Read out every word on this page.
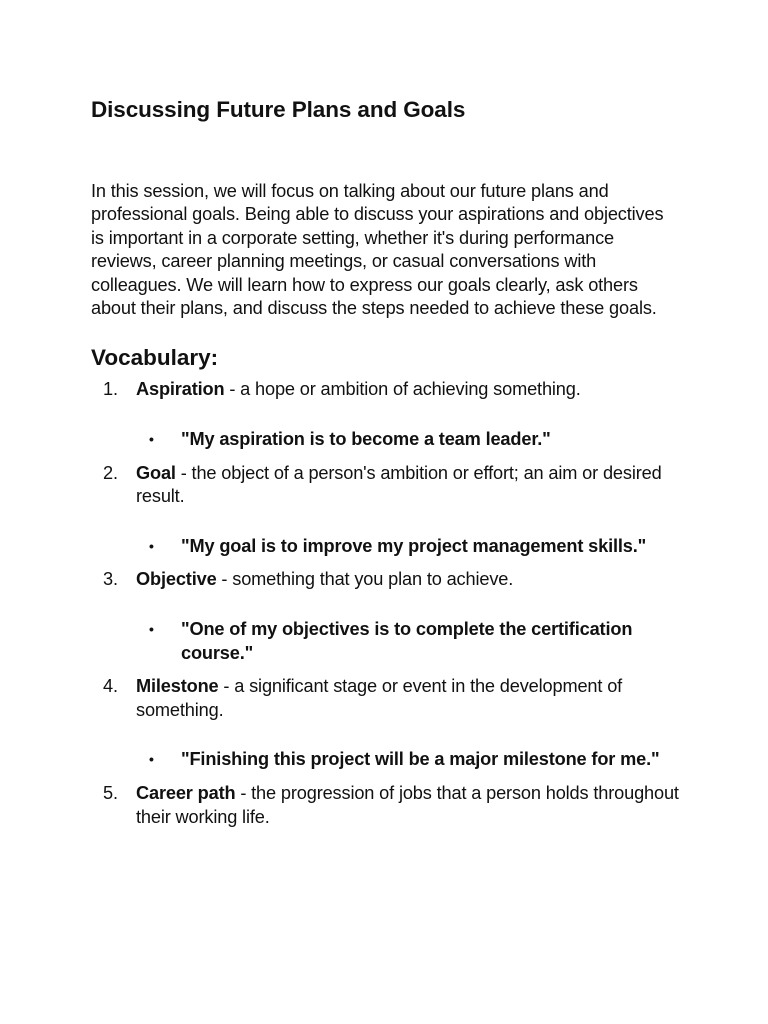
Discussing Future Plans and Goals

In this session, we will focus on talking about our future plans and professional goals. Being able to discuss your aspirations and objectives is important in a corporate setting, whether it's during performance reviews, career planning meetings, or casual conversations with colleagues. We will learn how to express our goals clearly, ask others about their plans, and discuss the steps needed to achieve these goals.

Vocabulary:
1. Aspiration - a hope or ambition of achieving something.
• "My aspiration is to become a team leader."
2. Goal - the object of a person's ambition or effort; an aim or desired result.
• "My goal is to improve my project management skills."
3. Objective - something that you plan to achieve.
• "One of my objectives is to complete the certification course."
4. Milestone - a significant stage or event in the development of something.
• "Finishing this project will be a major milestone for me."
5. Career path - the progression of jobs that a person holds throughout their working life.
